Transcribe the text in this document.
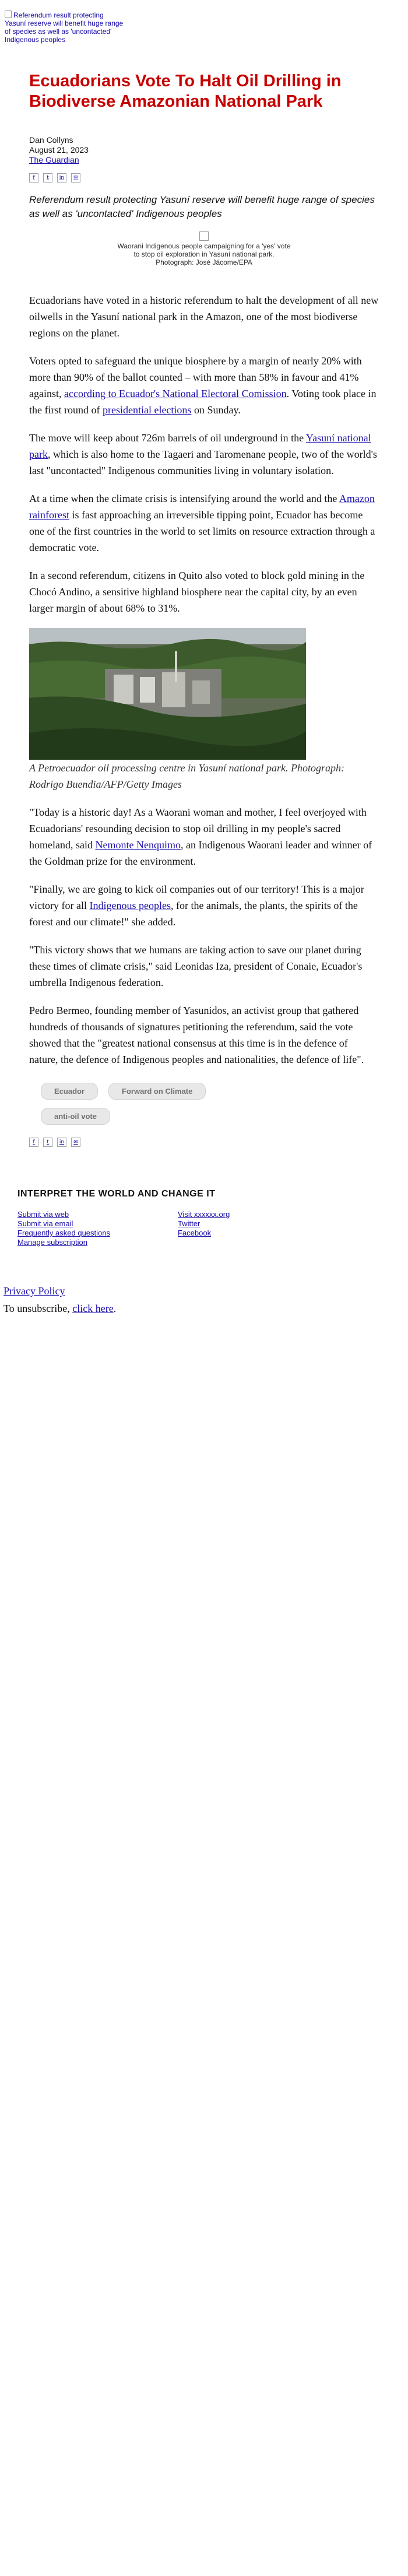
Referendum result protecting Yasuní reserve will benefit huge range of species as well as 'uncontacted' Indigenous peoples
Ecuadorians Vote To Halt Oil Drilling in Biodiverse Amazonian National Park
Dan Collyns
August 21, 2023
The Guardian
f	t	in	✉

Referendum result protecting Yasuní reserve will benefit huge range of species as well as 'uncontacted' Indigenous peoples

Waorani Indigenous people campaigning for a 'yes' vote to stop oil exploration in Yasuní national park. Photograph: José Jácome/EPA

Ecuadorians have voted in a historic referendum to halt the development of all new oilwells in the Yasuní national park in the Amazon, one of the most biodiverse regions on the planet.

Voters opted to safeguard the unique biosphere by a margin of nearly 20% with more than 90% of the ballot counted – with more than 58% in favour and 41% against, according to Ecuador's National Electoral Comission. Voting took place in the first round of presidential elections on Sunday.

The move will keep about 726m barrels of oil underground in the Yasuní national park, which is also home to the Tagaeri and Taromenane people, two of the world's last "uncontacted" Indigenous communities living in voluntary isolation.

At a time when the climate crisis is intensifying around the world and the Amazon rainforest is fast approaching an irreversible tipping point, Ecuador has become one of the first countries in the world to set limits on resource extraction through a democratic vote.

In a second referendum, citizens in Quito also voted to block gold mining in the Chocó Andino, a sensitive highland biosphere near the capital city, by an even larger margin of about 68% to 31%.

A Petroecuador oil processing centre in Yasuní national park. Photograph: Rodrigo Buendia/AFP/Getty Images

"Today is a historic day! As a Waorani woman and mother, I feel overjoyed with Ecuadorians' resounding decision to stop oil drilling in my people's sacred homeland, said Nemonte Nenquimo, an Indigenous Waorani leader and winner of the Goldman prize for the environment.

"Finally, we are going to kick oil companies out of our territory! This is a major victory for all Indigenous peoples, for the animals, the plants, the spirits of the forest and our climate!" she added.

"This victory shows that we humans are taking action to save our planet during these times of climate crisis," said Leonidas Iza, president of Conaie, Ecuador's umbrella Indigenous federation.

Pedro Bermeo, founding member of Yasunidos, an activist group that gathered hundreds of thousands of signatures petitioning the referendum, said the vote showed that the "greatest national consensus at this time is in the defence of nature, the defence of Indigenous peoples and nationalities, the defence of life".

Ecuador	Forward on Climate
anti-oil vote
f	t	in	✉
INTERPRET THE WORLD AND CHANGE IT
Submit via web
Submit via email
Frequently asked questions
Manage subscription
Visit xxxxxx.org
Twitter
Facebook
Privacy Policy
To unsubscribe, click here.
